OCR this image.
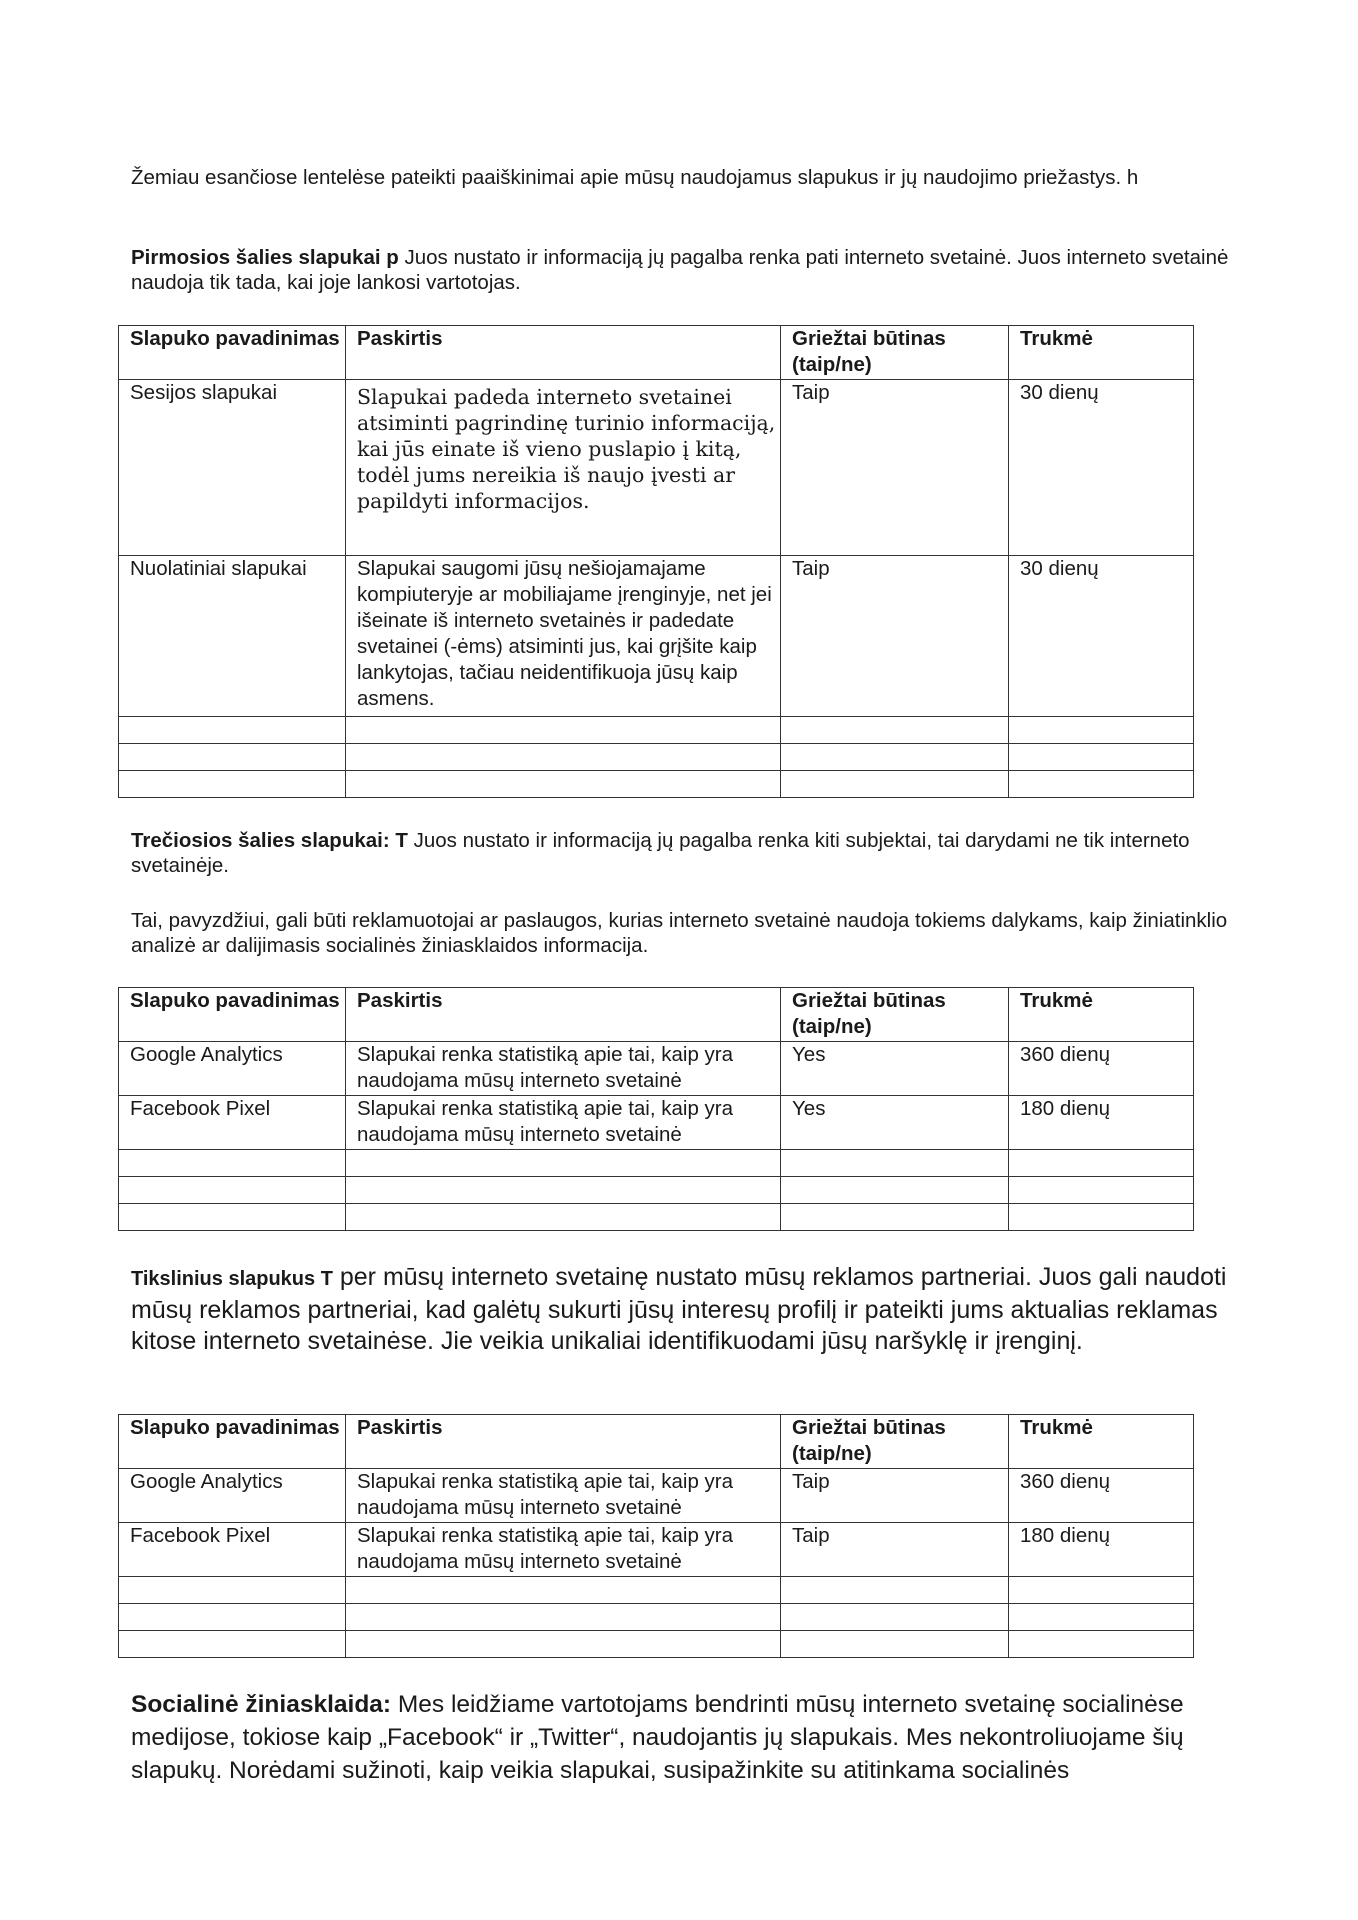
Žemiau esančiose lentelėse pateikti paaiškinimai apie mūsų naudojamus slapukus ir jų naudojimo priežastys. h

Pirmosios šalies slapukai p Juos nustato ir informaciją jų pagalba renka pati interneto svetainė. Juos interneto svetainė naudoja tik tada, kai joje lankosi vartotojas.

Slapuko pavadinimas	Paskirtis	Griežtai būtinas (taip/ne)	Trukmė
Sesijos slapukai	Slapukai padeda interneto svetainei atsiminti pagrindinę turinio informaciją, kai jūs einate iš vieno puslapio į kitą, todėl jums nereikia iš naujo įvesti ar papildyti informacijos.	Taip	30 dienų
Nuolatiniai slapukai	Slapukai saugomi jūsų nešiojamajame kompiuteryje ar mobiliajame įrenginyje, net jei išeinate iš interneto svetainės ir padedate svetainei (-ėms) atsiminti jus, kai grįšite kaip lankytojas, tačiau neidentifikuoja jūsų kaip asmens.	Taip	30 dienų

Trečiosios šalies slapukai: T Juos nustato ir informaciją jų pagalba renka kiti subjektai, tai darydami ne tik interneto svetainėje.

Tai, pavyzdžiui, gali būti reklamuotojai ar paslaugos, kurias interneto svetainė naudoja tokiems dalykams, kaip žiniatinklio analizė ar dalijimasis socialinės žiniasklaidos informacija.

Slapuko pavadinimas	Paskirtis	Griežtai būtinas (taip/ne)	Trukmė
Google Analytics	Slapukai renka statistiką apie tai, kaip yra naudojama mūsų interneto svetainė	Yes	360 dienų
Facebook Pixel	Slapukai renka statistiką apie tai, kaip yra naudojama mūsų interneto svetainė	Yes	180 dienų

Tikslinius slapukus T per mūsų interneto svetainę nustato mūsų reklamos partneriai. Juos gali naudoti mūsų reklamos partneriai, kad galėtų sukurti jūsų interesų profilį ir pateikti jums aktualias reklamas kitose interneto svetainėse. Jie veikia unikaliai identifikuodami jūsų naršyklę ir įrenginį.

Slapuko pavadinimas	Paskirtis	Griežtai būtinas (taip/ne)	Trukmė
Google Analytics	Slapukai renka statistiką apie tai, kaip yra naudojama mūsų interneto svetainė	Taip	360 dienų
Facebook Pixel	Slapukai renka statistiką apie tai, kaip yra naudojama mūsų interneto svetainė	Taip	180 dienų

Socialinė žiniasklaida: Mes leidžiame vartotojams bendrinti mūsų interneto svetainę socialinėse medijose, tokiose kaip „Facebook“ ir „Twitter“, naudojantis jų slapukais. Mes nekontroliuojame šių slapukų. Norėdami sužinoti, kaip veikia slapukai, susipažinkite su atitinkama socialinės
